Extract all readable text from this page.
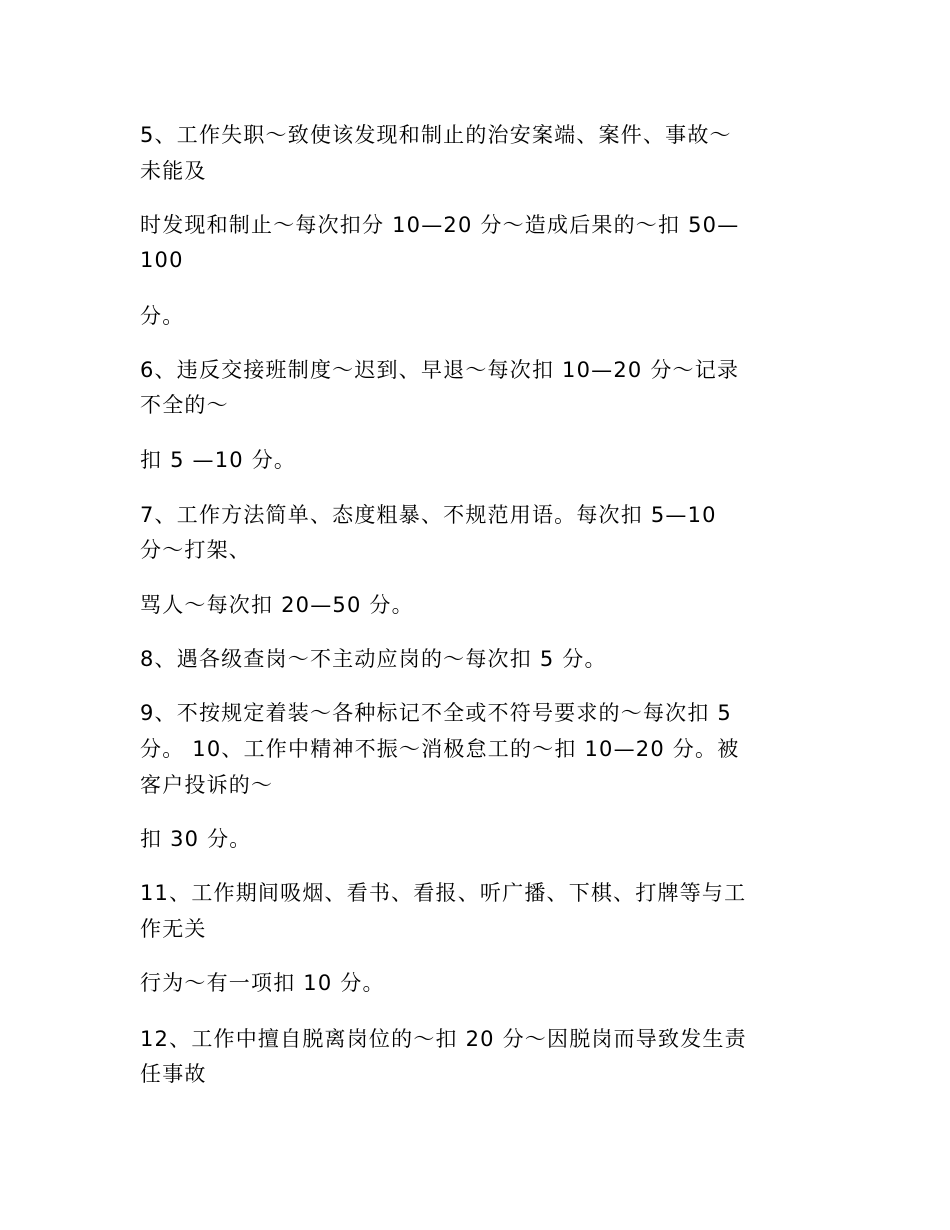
5、工作失职～致使该发现和制止的治安案端、案件、事故～
未能及
时发现和制止～每次扣分 10—20 分～造成后果的～扣 50—
100
分。
6、违反交接班制度～迟到、早退～每次扣 10—20 分～记录
不全的～
扣 5 —10 分。
7、工作方法简单、态度粗暴、不规范用语。每次扣 5—10
分～打架、
骂人～每次扣 20—50 分。
8、遇各级查岗～不主动应岗的～每次扣 5 分。
9、不按规定着装～各种标记不全或不符号要求的～每次扣 5
分。 10、工作中精神不振～消极怠工的～扣 10—20 分。被
客户投诉的～
扣 30 分。
11、工作期间吸烟、看书、看报、听广播、下棋、打牌等与工
作无关
行为～有一项扣 10 分。
12、工作中擅自脱离岗位的～扣 20 分～因脱岗而导致发生责
任事故
